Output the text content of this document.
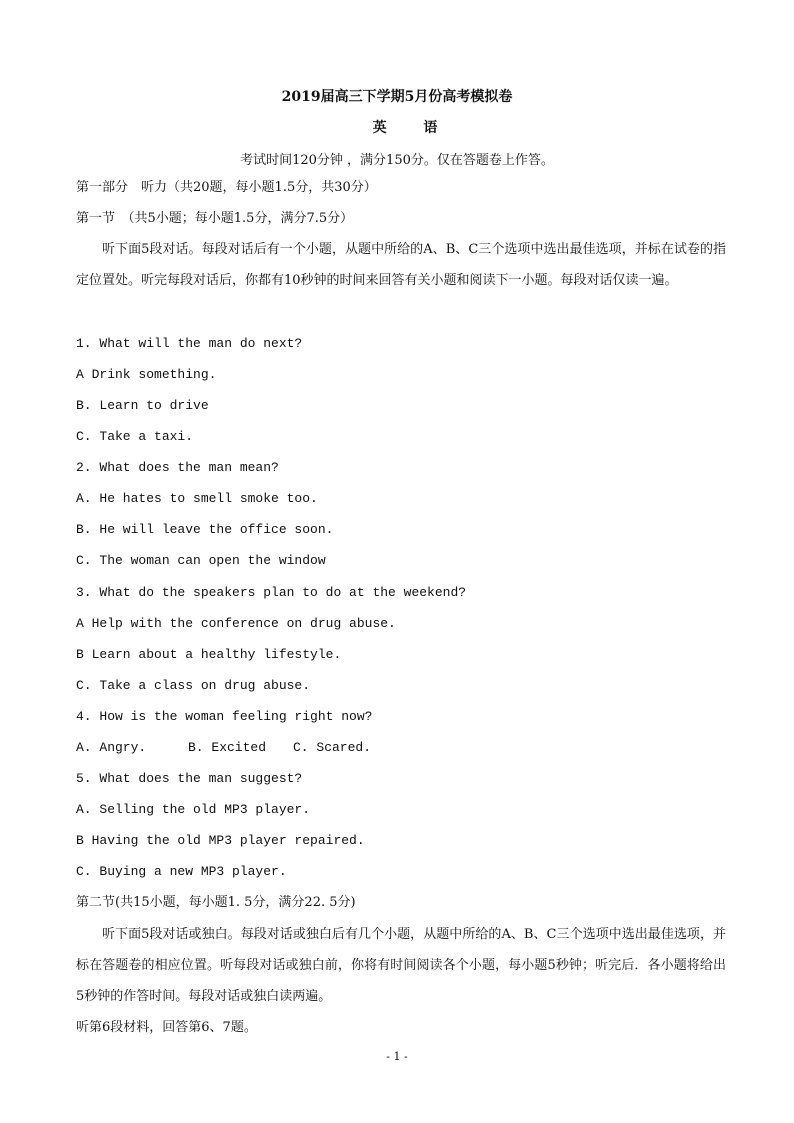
2019届高三下学期5月份高考模拟卷
英 语
考试时间120分钟 ，满分150分。仅在答题卷上作答。
第一部分　听力（共20题，每小题1.5分，共30分）
第一节　（共5小题；每小题1.5分，满分7.5分）
听下面5段对话。每段对话后有一个小题，从题中所给的A、B、C三个选项中选出最佳选项，并标在试卷的指定位置处。听完每段对话后，你都有10秒钟的时间来回答有关小题和阅读下一小题。每段对话仅读一遍。
1. What will the man do next?
A Drink something.
B. Learn to drive
C. Take a taxi.
2. What does the man mean?
A. He hates to smell smoke too.
B. He will leave the office soon.
C. The woman can open the window
3. What do the speakers plan to do at the weekend?
A Help with the conference on drug abuse.
B Learn about a healthy lifestyle.
C. Take a class on drug abuse.
4. How is the woman feeling right now?
A. Angry.	B. Excited C. Scared.
5. What does the man suggest?
A. Selling the old MP3 player.
B Having the old MP3 player repaired.
C. Buying a new MP3 player.
第二节(共15小题，每小题1. 5分，满分22. 5分)
听下面5段对话或独白。每段对话或独白后有几个小题，从题中所给的A、B、C三个选项中选出最佳选项，并标在答题卷的相应位置。听每段对话或独白前，你将有时间阅读各个小题，每小题5秒钟；听完后．各小题将给出5秒钟的作答时间。每段对话或独白读两遍。
听第6段材料，回答第6、7题。
- 1 -
